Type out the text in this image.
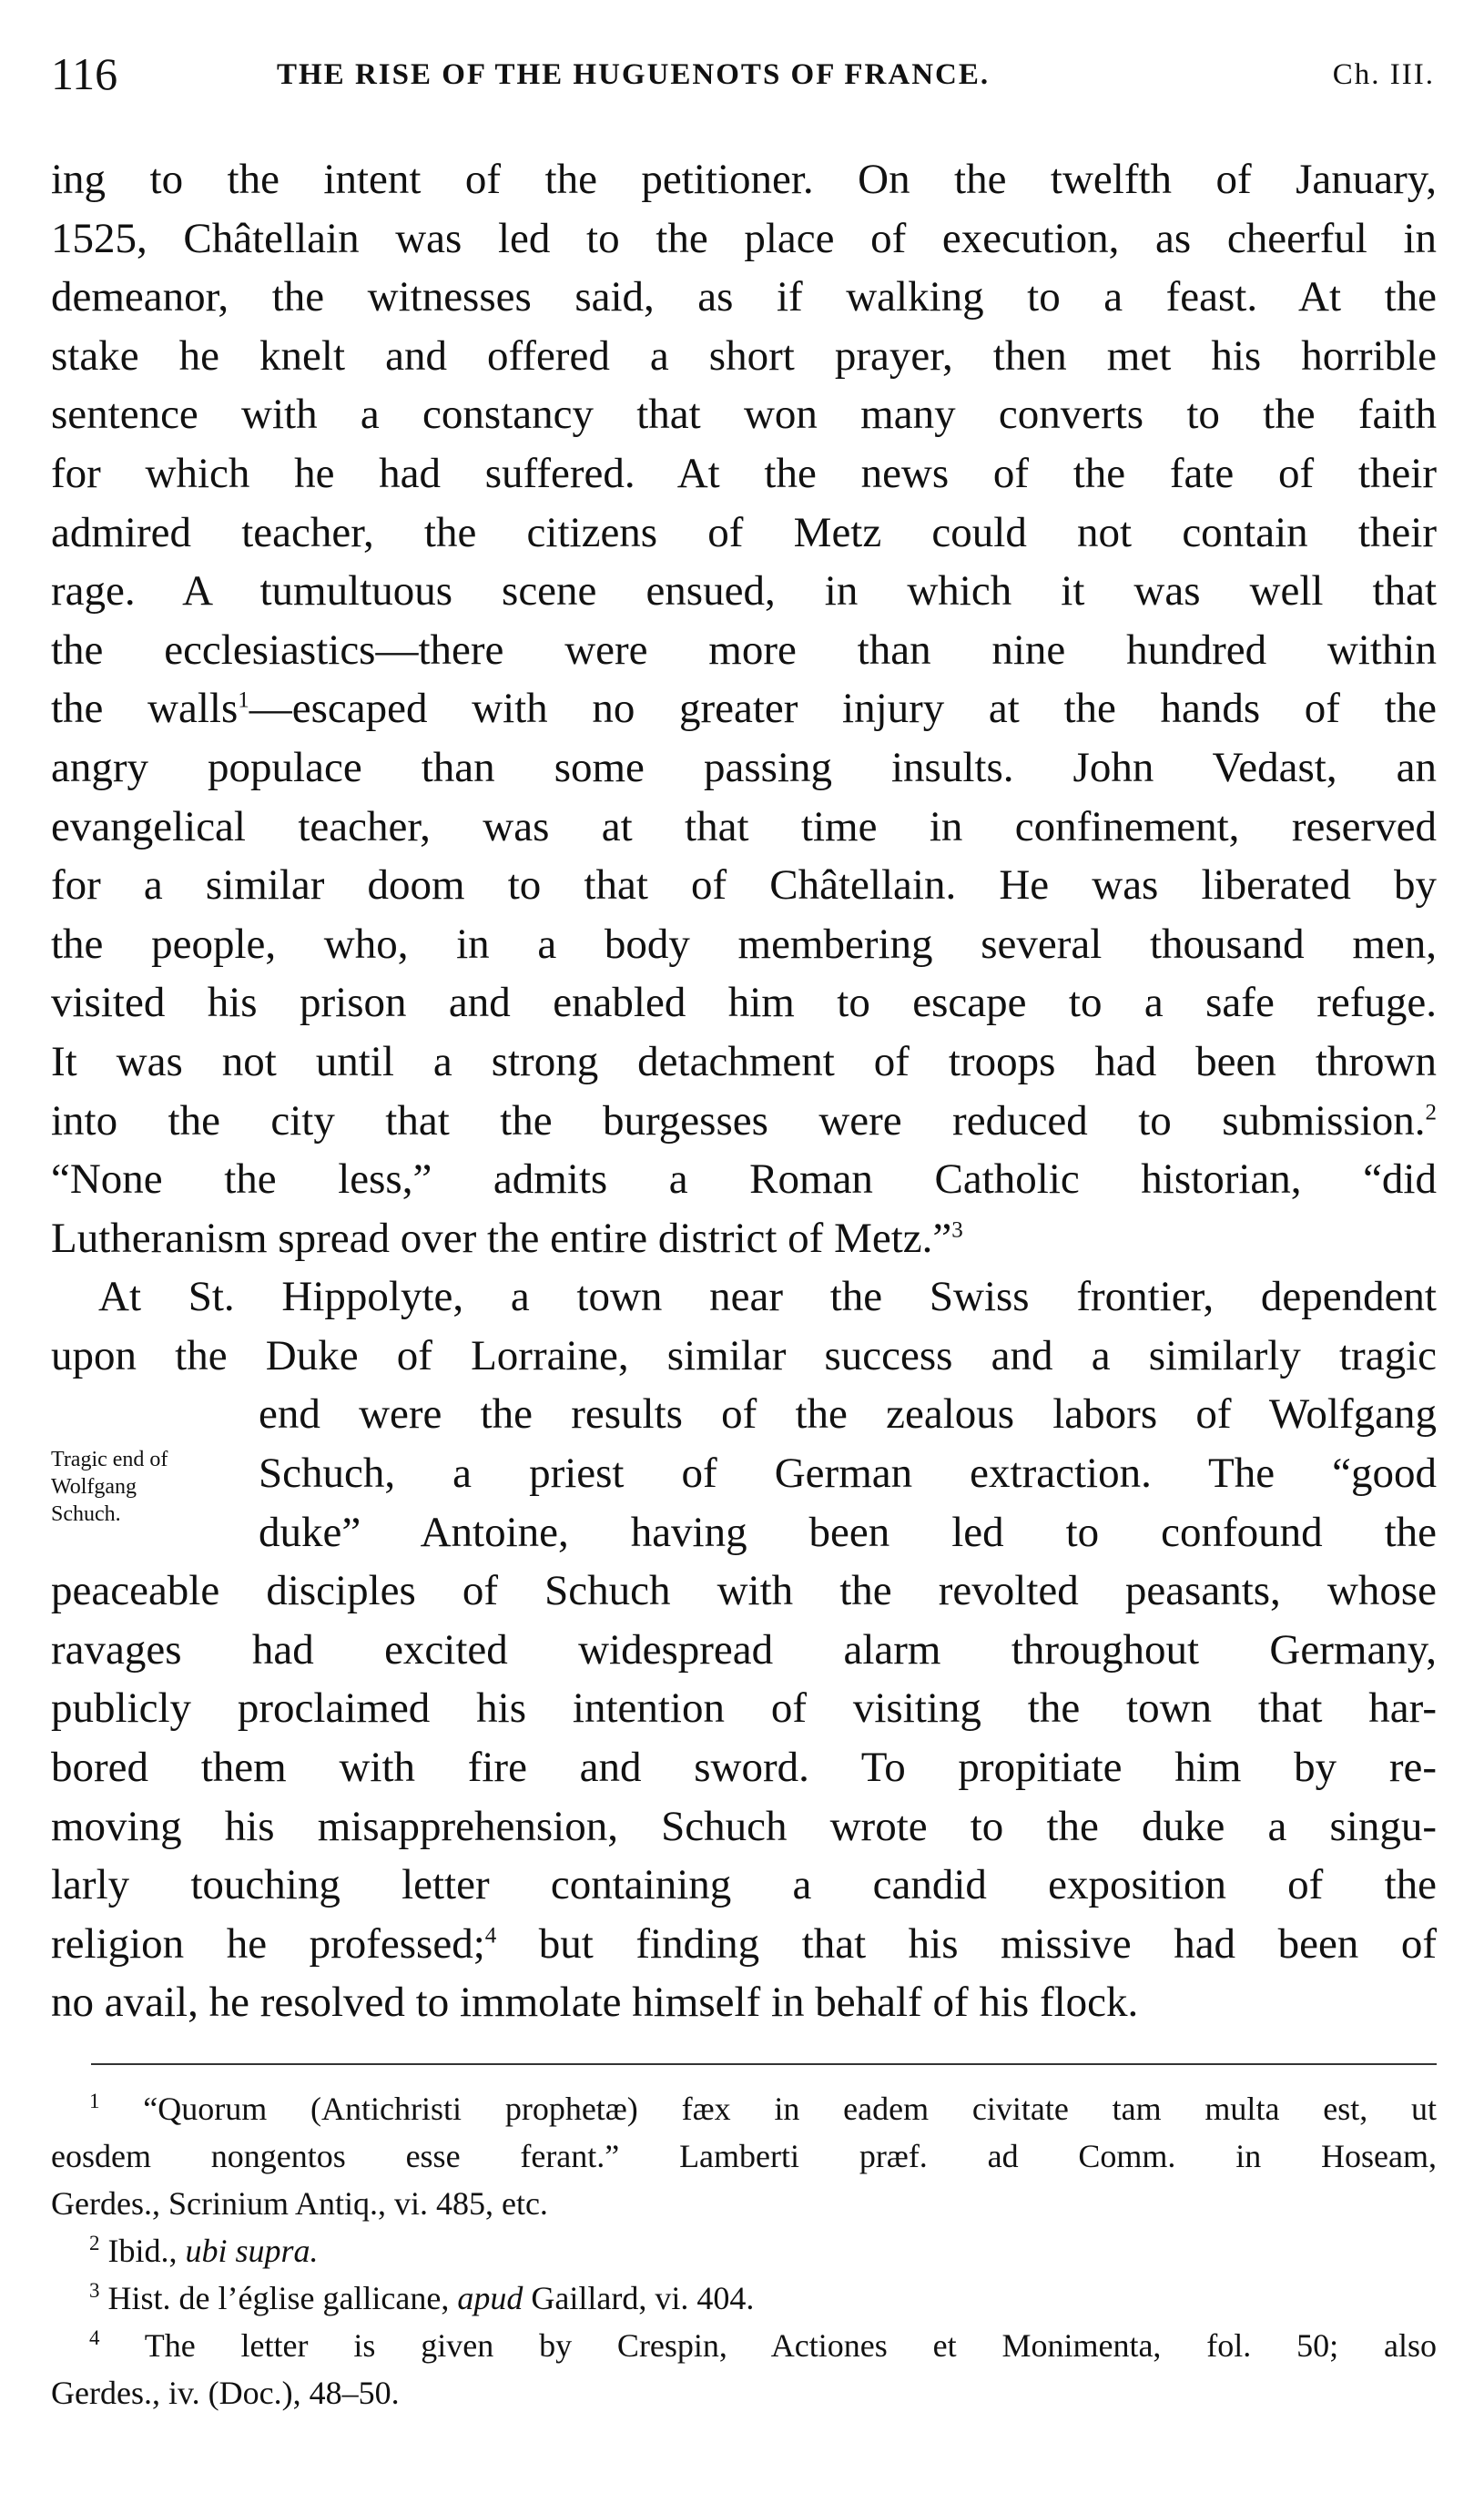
116	THE RISE OF THE HUGUENOTS OF FRANCE.	Ch. III.
ing to the intent of the petitioner. On the twelfth of January,
1525, Châtellain was led to the place of execution, as cheerful in
demeanor, the witnesses said, as if walking to a feast. At the
stake he knelt and offered a short prayer, then met his horrible
sentence with a constancy that won many converts to the faith
for which he had suffered. At the news of the fate of their
admired teacher, the citizens of Metz could not contain their
rage. A tumultuous scene ensued, in which it was well that
the ecclesiastics—there were more than nine hundred within
the walls$^1$—escaped with no greater injury at the hands of the
angry populace than some passing insults. John Vedast, an
evangelical teacher, was at that time in confinement, reserved
for a similar doom to that of Châtellain. He was liberated by
the people, who, in a body membering several thousand men,
visited his prison and enabled him to escape to a safe refuge.
It was not until a strong detachment of troops had been thrown
into the city that the burgesses were reduced to submission.$^2$
“None the less,” admits a Roman Catholic historian, “did
Lutheranism spread over the entire district of Metz.”$^3$
At St. Hippolyte, a town near the Swiss frontier, dependent
upon the Duke of Lorraine, similar success and a similarly tragic
end were the results of the zealous labors of Wolfgang
Schuch, a priest of German extraction. The “good
duke” Antoine, having been led to confound the
peaceable disciples of Schuch with the revolted peasants, whose
ravages had excited widespread alarm throughout Germany,
publicly proclaimed his intention of visiting the town that har-
bored them with fire and sword. To propitiate him by re-
moving his misapprehension, Schuch wrote to the duke a singu-
larly touching letter containing a candid exposition of the
religion he professed;$^4$ but finding that his missive had been of
no avail, he resolved to immolate himself in behalf of his flock.
Tragic end of
Wolfgang
Schuch.
$^1$ “Quorum (Antichristi prophetæ) fæx in eadem civitate tam multa est, ut
eosdem nongentos esse ferant.” Lamberti præf. ad Comm. in Hoseam,
Gerdes., Scrinium Antiq., vi. 485, etc.
$^2$ Ibid., ubi supra.
$^3$ Hist. de l’église gallicane, apud Gaillard, vi. 404.
$^4$ The letter is given by Crespin, Actiones et Monimenta, fol. 50; also
Gerdes., iv. (Doc.), 48–50.
